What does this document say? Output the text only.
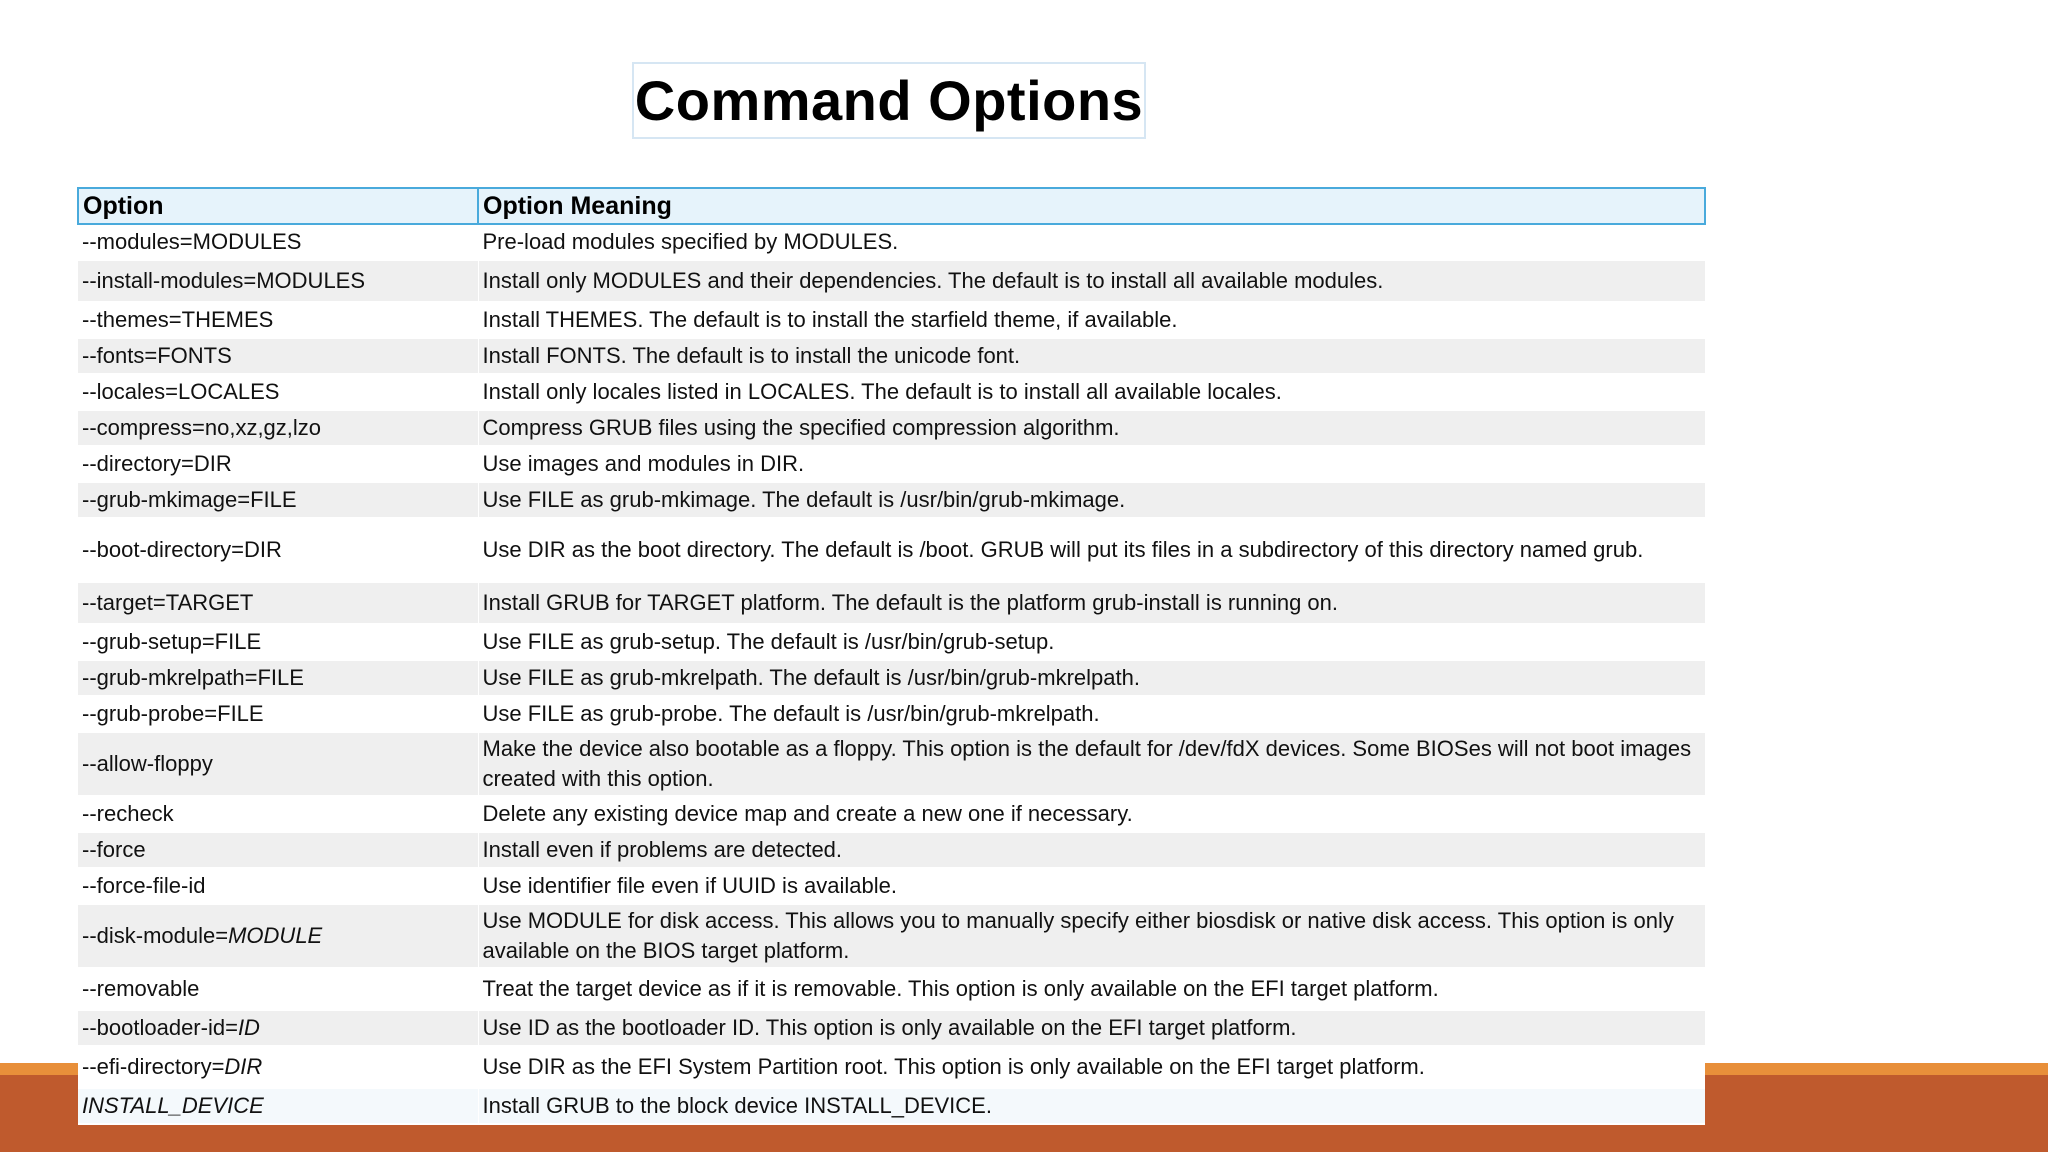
Command Options
Option	Option Meaning
--modules=MODULES	Pre-load modules specified by MODULES.
--install-modules=MODULES	Install only MODULES and their dependencies. The default is to install all available modules.
--themes=THEMES	Install THEMES. The default is to install the starfield theme, if available.
--fonts=FONTS	Install FONTS. The default is to install the unicode font.
--locales=LOCALES	Install only locales listed in LOCALES. The default is to install all available locales.
--compress=no,xz,gz,lzo	Compress GRUB files using the specified compression algorithm.
--directory=DIR	Use images and modules in DIR.
--grub-mkimage=FILE	Use FILE as grub-mkimage. The default is /usr/bin/grub-mkimage.
--boot-directory=DIR	Use DIR as the boot directory. The default is /boot. GRUB will put its files in a subdirectory of this directory named grub.
--target=TARGET	Install GRUB for TARGET platform. The default is the platform grub-install is running on.
--grub-setup=FILE	Use FILE as grub-setup. The default is /usr/bin/grub-setup.
--grub-mkrelpath=FILE	Use FILE as grub-mkrelpath. The default is /usr/bin/grub-mkrelpath.
--grub-probe=FILE	Use FILE as grub-probe. The default is /usr/bin/grub-mkrelpath.
--allow-floppy	Make the device also bootable as a floppy. This option is the default for /dev/fdX devices. Some BIOSes will not boot images created with this option.
--recheck	Delete any existing device map and create a new one if necessary.
--force	Install even if problems are detected.
--force-file-id	Use identifier file even if UUID is available.
--disk-module=MODULE	Use MODULE for disk access. This allows you to manually specify either biosdisk or native disk access. This option is only available on the BIOS target platform.
--removable	Treat the target device as if it is removable. This option is only available on the EFI target platform.
--bootloader-id=ID	Use ID as the bootloader ID. This option is only available on the EFI target platform.
--efi-directory=DIR	Use DIR as the EFI System Partition root. This option is only available on the EFI target platform.
INSTALL_DEVICE	Install GRUB to the block device INSTALL_DEVICE.
